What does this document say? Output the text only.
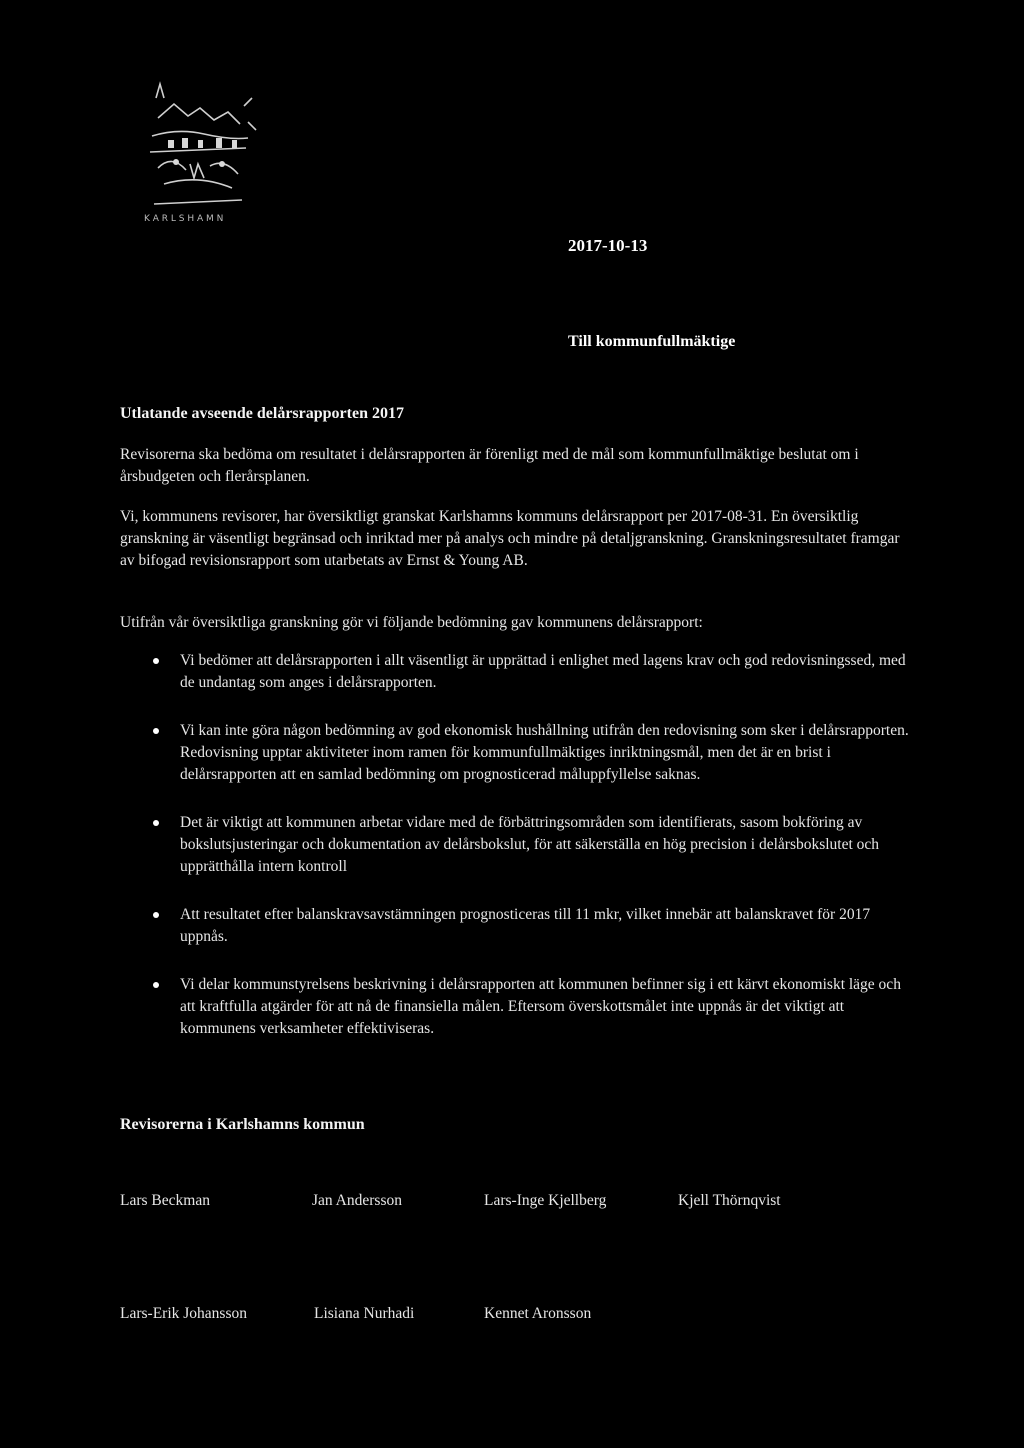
K A R L S H A M N
2017-10-13
Till kommunfullmäktige
Utlatande avseende delårsrapporten 2017
Revisorerna ska bedöma om resultatet i delårsrapporten är förenligt med de mål som kommunfullmäktige beslutat om i årsbudgeten och flerårsplanen.
Vi, kommunens revisorer, har översiktligt granskat Karlshamns kommuns delårsrapport per 2017-08-31. En översiktlig granskning är väsentligt begränsad och inriktad mer på analys och mindre på detaljgranskning. Granskningsresultatet framgar av bifogad revisionsrapport som utarbetats av Ernst & Young AB.
Utifrån vår översiktliga granskning gör vi följande bedömning gav kommunens delårsrapport:
Vi bedömer att delårsrapporten i allt väsentligt är upprättad i enlighet med lagens krav och god redovisningssed, med de undantag som anges i delårsrapporten.
Vi kan inte göra någon bedömning av god ekonomisk hushållning utifrån den redovisning som sker i delårsrapporten. Redovisning upptar aktiviteter inom ramen för kommunfullmäktiges inriktningsmål, men det är en brist i delårsrapporten att en samlad bedömning om prognosticerad måluppfyllelse saknas.
Det är viktigt att kommunen arbetar vidare med de förbättringsområden som identifierats, sasom bokföring av bokslutsjusteringar och dokumentation av delårsbokslut, för att säkerställa en hög precision i delårsbokslutet och upprätthålla intern kontroll
Att resultatet efter balanskravsavstämningen prognosticeras till 11 mkr, vilket innebär att balanskravet för 2017 uppnås.
Vi delar kommunstyrelsens beskrivning i delårsrapporten att kommunen befinner sig i ett kärvt ekonomiskt läge och att kraftfulla atgärder för att nå de finansiella målen. Eftersom överskottsmålet inte uppnås är det viktigt att kommunens verksamheter effektiviseras.
Revisorerna i Karlshamns kommun
Lars Beckman	Jan Andersson	Lars-Inge Kjellberg	Kjell Thörnqvist
Lars-Erik Johansson	Lisiana Nurhadi	Kennet Aronsson
